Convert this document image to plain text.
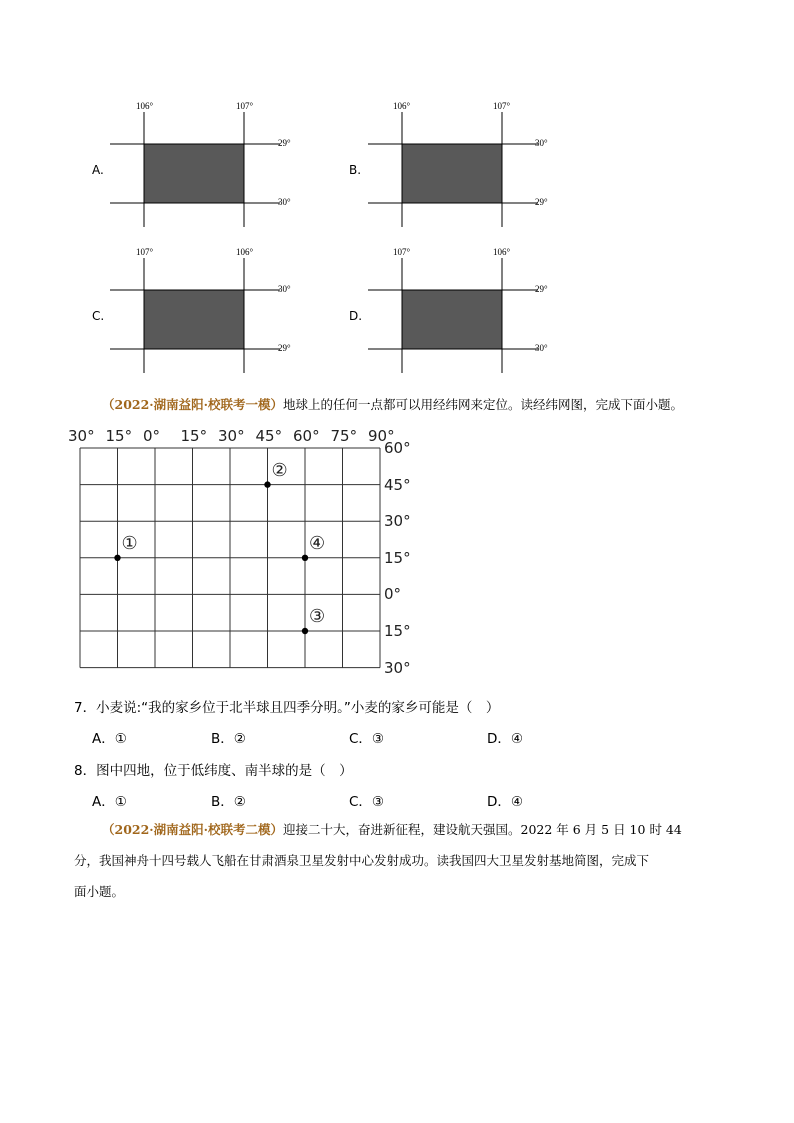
A.
106°	107°
29°
30°
B.
106°	107°
30°
29°
C.
107°	106°
30°
29°
D.
107°	106°
29°
30°
（2022·湖南益阳·校联考一模）地球上的任何一点都可以用经纬网来定位。读经纬网图，完成下面小题。
30° 15° 0° 15° 30° 45° 60° 75° 90°
60°
45°
30°
15°
0°
15°
30°
①
②
④
③
7．小麦说:“我的家乡位于北半球且四季分明。”小麦的家乡可能是（　）
A．①	B．②	C．③	D．④
8．图中四地，位于低纬度、南半球的是（　）
A．①	B．②	C．③	D．④
（2022·湖南益阳·校联考二模）迎接二十大，奋进新征程，建设航天强国。2022 年 6 月 5 日 10 时 44
分，我国神舟十四号载人飞船在甘肃酒泉卫星发射中心发射成功。读我国四大卫星发射基地简图，完成下
面小题。
